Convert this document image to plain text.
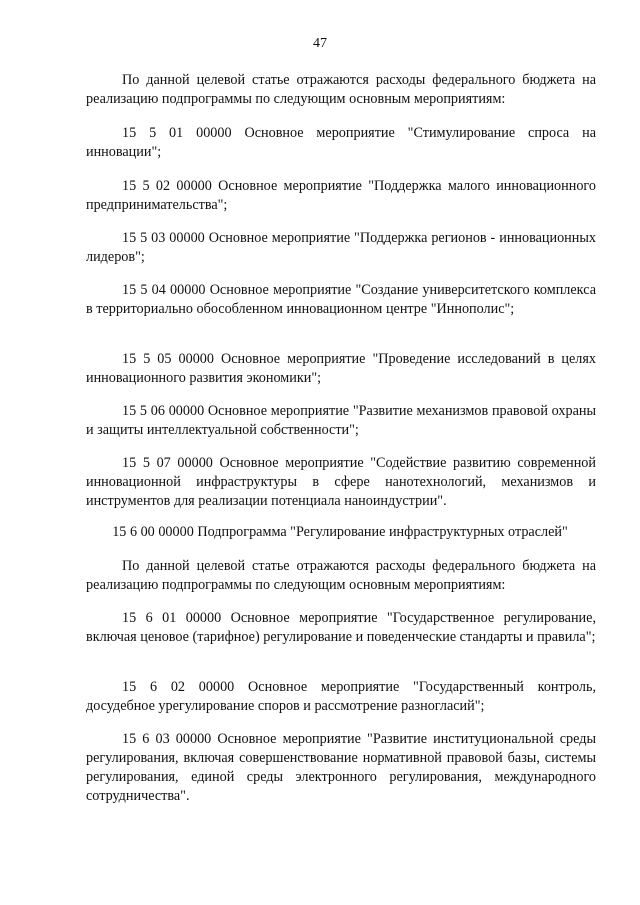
47

По данной целевой статье отражаются расходы федерального бюджета на реализацию подпрограммы по следующим основным мероприятиям:

15 5 01 00000 Основное мероприятие "Стимулирование спроса на инновации";

15 5 02 00000 Основное мероприятие "Поддержка малого инновационного предпринимательства";

15 5 03 00000 Основное мероприятие "Поддержка регионов - инновационных лидеров";

15 5 04 00000 Основное мероприятие "Создание университетского комплекса в территориально обособленном инновационном центре "Иннополис";

15 5 05 00000 Основное мероприятие "Проведение исследований в целях инновационного развития экономики";

15 5 06 00000 Основное мероприятие "Развитие механизмов правовой охраны и защиты интеллектуальной собственности";

15 5 07 00000 Основное мероприятие "Содействие развитию современной инновационной инфраструктуры в сфере нанотехнологий, механизмов и инструментов для реализации потенциала наноиндустрии".

15 6 00 00000 Подпрограмма "Регулирование инфраструктурных отраслей"

По данной целевой статье отражаются расходы федерального бюджета на реализацию подпрограммы по следующим основным мероприятиям:

15 6 01 00000 Основное мероприятие "Государственное регулирование, включая ценовое (тарифное) регулирование и поведенческие стандарты и правила";

15 6 02 00000 Основное мероприятие "Государственный контроль, досудебное урегулирование споров и рассмотрение разногласий";

15 6 03 00000 Основное мероприятие "Развитие институциональной среды регулирования, включая совершенствование нормативной правовой базы, системы регулирования, единой среды электронного регулирования, международного сотрудничества".
